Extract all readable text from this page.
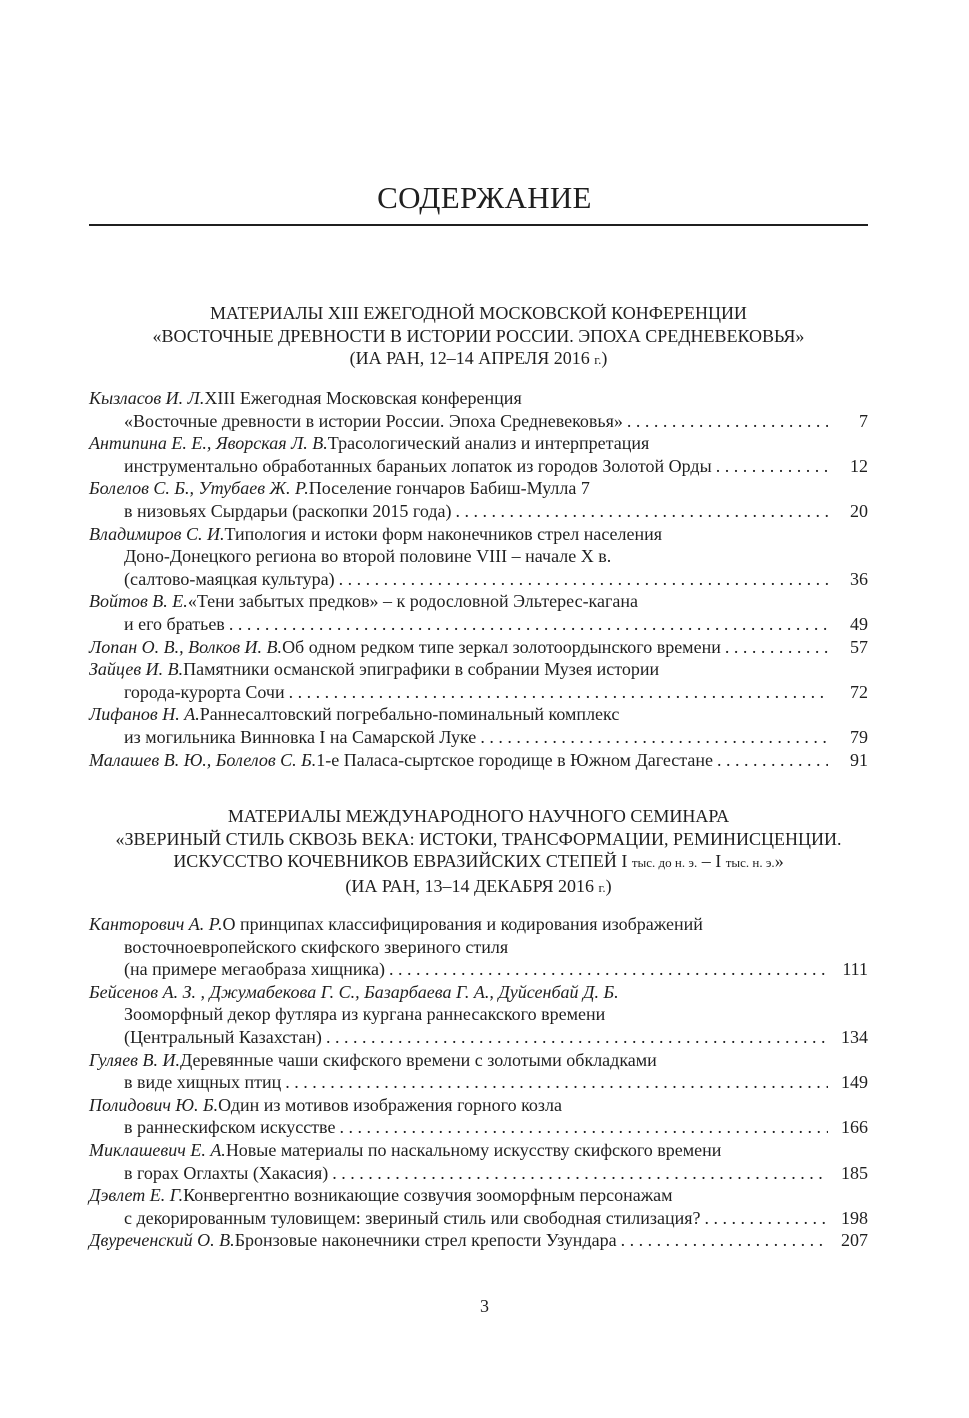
СОДЕРЖАНИЕ
МАТЕРИАЛЫ XIII ЕЖЕГОДНОЙ МОСКОВСКОЙ КОНФЕРЕНЦИИ
«ВОСТОЧНЫЕ ДРЕВНОСТИ В ИСТОРИИ РОССИИ. ЭПОХА СРЕДНЕВЕКОВЬЯ»
(ИА РАН, 12–14 АПРЕЛЯ 2016 г.)
Кызласов И. Л. XIII Ежегодная Московская конференция
«Восточные древности в истории России. Эпоха Средневековья» . . .	7
Антипина Е. Е., Яворская Л. В. Трасологический анализ и интерпретация
инструментально обработанных бараньих лопаток из городов Золотой Орды . . .	12
Болелов С. Б., Утубаев Ж. Р. Поселение гончаров Бабиш-Мулла 7
в низовьях Сырдарьи (раскопки 2015 года) . . .	20
Владимиров С. И. Типология и истоки форм наконечников стрел населения
Доно-Донецкого региона во второй половине VIII – начале X в.
(салтово-маяцкая культура) . . .	36
Войтов В. Е. «Тени забытых предков» – к родословной Эльтерес-кагана
и его братьев . . .	49
Лопан О. В., Волков И. В. Об одном редком типе зеркал золотоордынского времени . . .	57
Зайцев И. В. Памятники османской эпиграфики в собрании Музея истории
города-курорта Сочи . . .	72
Лифанов Н. А. Раннесалтовский погребально-поминальный комплекс
из могильника Винновка I на Самарской Луке . . .	79
Малашев В. Ю., Болелов С. Б. 1-е Паласа-сыртское городище в Южном Дагестане . . .	91
МАТЕРИАЛЫ МЕЖДУНАРОДНОГО НАУЧНОГО СЕМИНАРА
«ЗВЕРИНЫЙ СТИЛЬ СКВОЗЬ ВЕКА: ИСТОКИ, ТРАНСФОРМАЦИИ, РЕМИНИСЦЕНЦИИ.
ИСКУССТВО КОЧЕВНИКОВ ЕВРАЗИЙСКИХ СТЕПЕЙ I тыс. до н. э. – I тыс. н. э.»
(ИА РАН, 13–14 ДЕКАБРЯ 2016 г.)
Канторович А. Р. О принципах классифицирования и кодирования изображений
восточноевропейского скифского звериного стиля
(на примере мегаобраза хищника) . . .	111
Бейсенов А. З. , Джумабекова Г. С., Базарбаева Г. А., Дуйсенбай Д. Б.
Зооморфный декор футляра из кургана раннесакского времени
(Центральный Казахстан) . . .	134
Гуляев В. И. Деревянные чаши скифского времени с золотыми обкладками
в виде хищных птиц . . .	149
Полидович Ю. Б. Один из мотивов изображения горного козла
в раннескифском искусстве . . .	166
Миклашевич Е. А. Новые материалы по наскальному искусству скифского времени
в горах Оглахты (Хакасия) . . .	185
Дэвлет Е. Г. Конвергентно возникающие созвучия зооморфным персонажам
с декорированным туловищем: звериный стиль или свободная стилизация? . . .	198
Двуреченский О. В. Бронзовые наконечники стрел крепости Узундара . . .	207
3
